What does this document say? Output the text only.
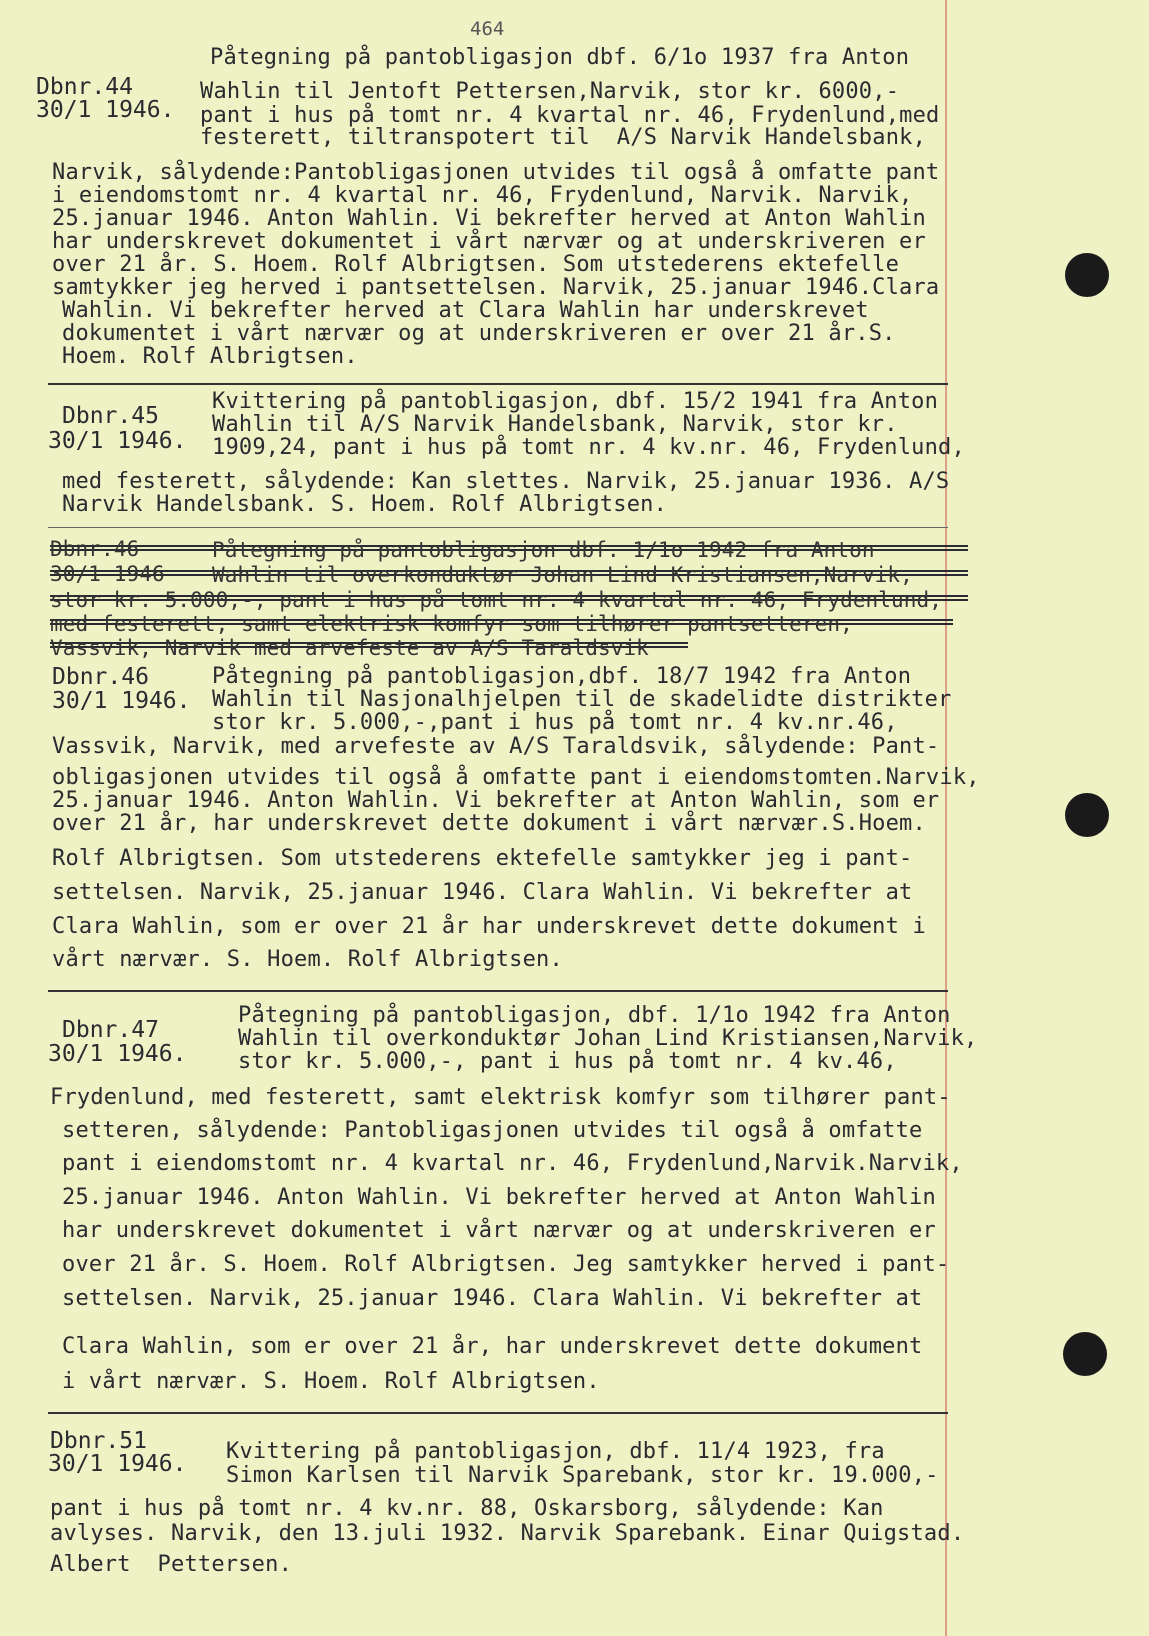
464
Dbnr.44
30/1 1946.
Påtegning på pantobligasjon dbf. 6/1o 1937 fra Anton
Wahlin til Jentoft Pettersen,Narvik, stor kr. 6000,-
pant i hus på tomt nr. 4 kvartal nr. 46, Frydenlund,med
festerett, tiltranspotert til  A/S Narvik Handelsbank,
Narvik, sålydende:Pantobligasjonen utvides til også å omfatte pant
i eiendomstomt nr. 4 kvartal nr. 46, Frydenlund, Narvik. Narvik,
25.januar 1946. Anton Wahlin. Vi bekrefter herved at Anton Wahlin
har underskrevet dokumentet i vårt nærvær og at underskriveren er
over 21 år. S. Hoem. Rolf Albrigtsen. Som utstederens ektefelle
samtykker jeg herved i pantsettelsen. Narvik, 25.januar 1946.Clara
Wahlin. Vi bekrefter herved at Clara Wahlin har underskrevet
dokumentet i vårt nærvær og at underskriveren er over 21 år.S.
Hoem. Rolf Albrigtsen.
Dbnr.45
30/1 1946.
Kvittering på pantobligasjon, dbf. 15/2 1941 fra Anton
Wahlin til A/S Narvik Handelsbank, Narvik, stor kr.
1909,24, pant i hus på tomt nr. 4 kv.nr. 46, Frydenlund,
med festerett, sålydende: Kan slettes. Narvik, 25.januar 1936. A/S
Narvik Handelsbank. S. Hoem. Rolf Albrigtsen.
Dbnr.46
30/1 1946
Påtegning på pantobligasjon dbf. 1/1o 1942 fra Anton
Wahlin til overkonduktør Johan Lind Kristiansen,Narvik,
stor kr. 5.000,-, pant i hus på tomt nr. 4 kvartal nr. 46, Frydenlund,
med festerett, samt elektrisk komfyr som tilhører pantsetteren,
Vassvik, Narvik med arvefeste av A/S Taraldsvik
Dbnr.46
30/1 1946.
Påtegning på pantobligasjon,dbf. 18/7 1942 fra Anton
Wahlin til Nasjonalhjelpen til de skadelidte distrikter
stor kr. 5.000,-,pant i hus på tomt nr. 4 kv.nr.46,
Vassvik, Narvik, med arvefeste av A/S Taraldsvik, sålydende: Pant-
obligasjonen utvides til også å omfatte pant i eiendomstomten.Narvik,
25.januar 1946. Anton Wahlin. Vi bekrefter at Anton Wahlin, som er
over 21 år, har underskrevet dette dokument i vårt nærvær.S.Hoem.
Rolf Albrigtsen. Som utstederens ektefelle samtykker jeg i pant-
settelsen. Narvik, 25.januar 1946. Clara Wahlin. Vi bekrefter at
Clara Wahlin, som er over 21 år har underskrevet dette dokument i
vårt nærvær. S. Hoem. Rolf Albrigtsen.
Dbnr.47
30/1 1946.
Påtegning på pantobligasjon, dbf. 1/1o 1942 fra Anton
Wahlin til overkonduktør Johan Lind Kristiansen,Narvik,
stor kr. 5.000,-, pant i hus på tomt nr. 4 kv.46,
Frydenlund, med festerett, samt elektrisk komfyr som tilhører pant-
setteren, sålydende: Pantobligasjonen utvides til også å omfatte
pant i eiendomstomt nr. 4 kvartal nr. 46, Frydenlund,Narvik.Narvik,
25.januar 1946. Anton Wahlin. Vi bekrefter herved at Anton Wahlin
har underskrevet dokumentet i vårt nærvær og at underskriveren er
over 21 år. S. Hoem. Rolf Albrigtsen. Jeg samtykker herved i pant-
settelsen. Narvik, 25.januar 1946. Clara Wahlin. Vi bekrefter at
Clara Wahlin, som er over 21 år, har underskrevet dette dokument
i vårt nærvær. S. Hoem. Rolf Albrigtsen.
Dbnr.51
30/1 1946. Kvittering på pantobligasjon, dbf. 11/4 1923, fra
Simon Karlsen til Narvik Sparebank, stor kr. 19.000,-
pant i hus på tomt nr. 4 kv.nr. 88, Oskarsborg, sålydende: Kan
avlyses. Narvik, den 13.juli 1932. Narvik Sparebank. Einar Quigstad.
Albert  Pettersen.
